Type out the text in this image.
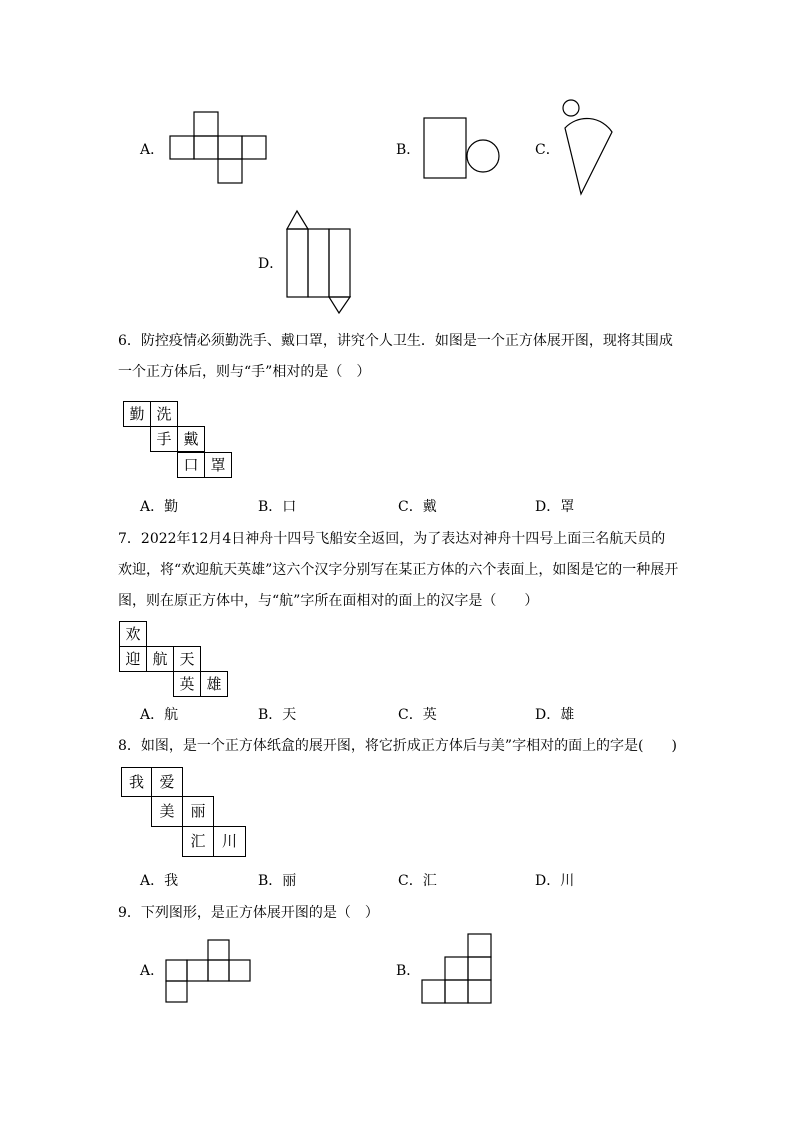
A．	B．	C．
D．
6．防控疫情必须勤洗手、戴口罩，讲究个人卫生．如图是一个正方体展开图，现将其围成
一个正方体后，则与“手”相对的是（　）
勤 洗
手 戴
口 罩
A．勤	B．口	C．戴	D．罩
7．2022年12月4日神舟十四号飞船安全返回，为了表达对神舟十四号上面三名航天员的
欢迎，将“欢迎航天英雄”这六个汉字分别写在某正方体的六个表面上，如图是它的一种展开
图，则在原正方体中，与“航”字所在面相对的面上的汉字是（　　）
欢
迎 航 天
英 雄
A．航	B．天	C．英	D．雄
8．如图，是一个正方体纸盒的展开图，将它折成正方体后与美”字相对的面上的字是(　　)
我	爱
美	丽
汇	川
A．我	B．丽	C．汇	D．川
9．下列图形，是正方体展开图的是（　）
A．	B．
